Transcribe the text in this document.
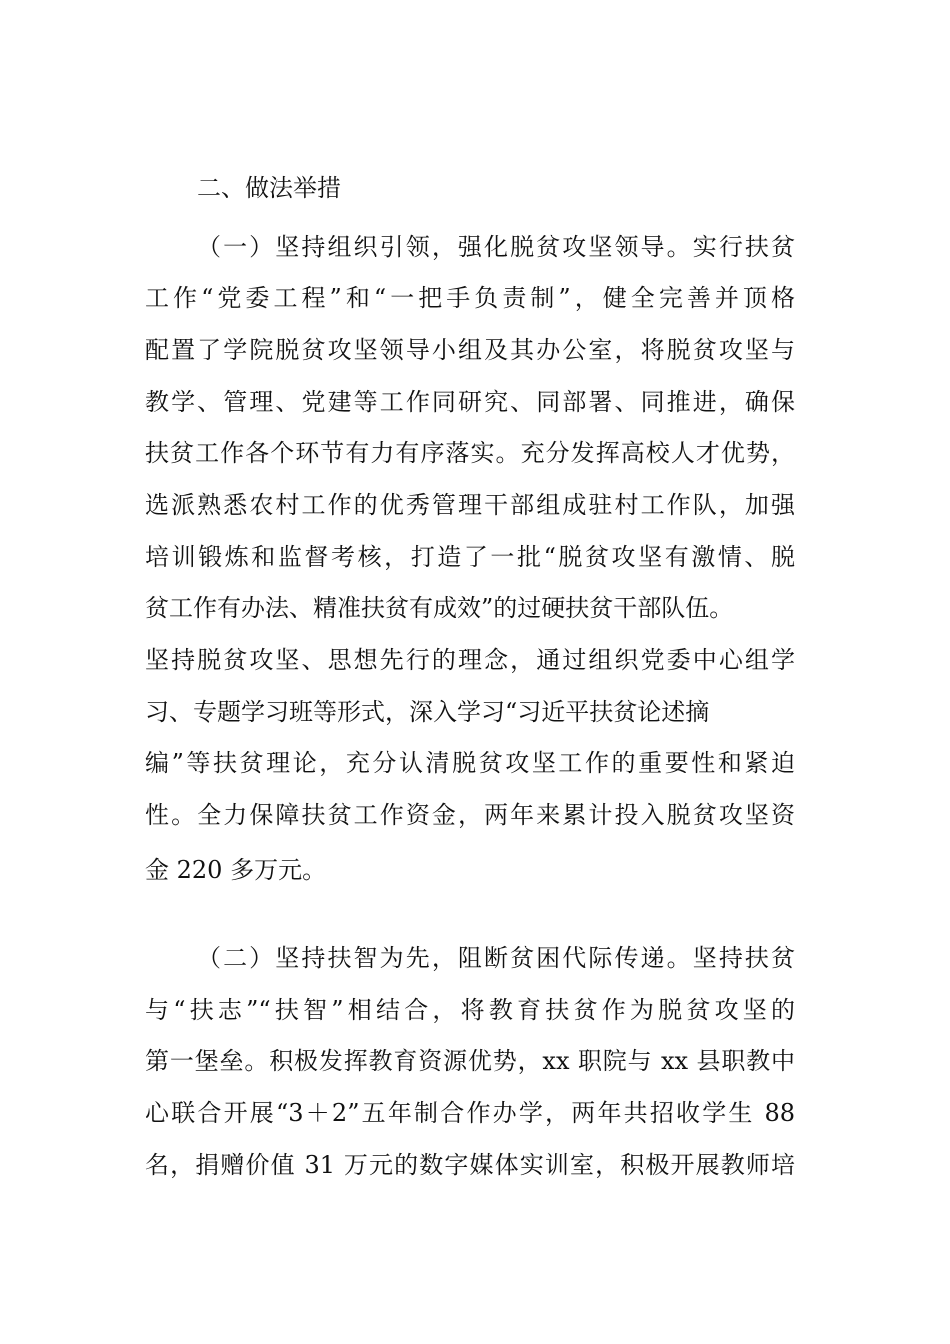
二、做法举措
（一）坚持组织引领，强化脱贫攻坚领导。实行扶贫
工作“党委工程”和“一把手负责制”，健全完善并顶格
配置了学院脱贫攻坚领导小组及其办公室，将脱贫攻坚与
教学、管理、党建等工作同研究、同部署、同推进，确保
扶贫工作各个环节有力有序落实。充分发挥高校人才优势，
选派熟悉农村工作的优秀管理干部组成驻村工作队，加强
培训锻炼和监督考核，打造了一批“脱贫攻坚有激情、脱
贫工作有办法、精准扶贫有成效”的过硬扶贫干部队伍。
坚持脱贫攻坚、思想先行的理念，通过组织党委中心组学
习、专题学习班等形式，深入学习“习近平扶贫论述摘
编”等扶贫理论，充分认清脱贫攻坚工作的重要性和紧迫
性。全力保障扶贫工作资金，两年来累计投入脱贫攻坚资
金 220 多万元。
（二）坚持扶智为先，阻断贫困代际传递。坚持扶贫
与“扶志”“扶智”相结合，将教育扶贫作为脱贫攻坚的
第一堡垒。积极发挥教育资源优势，xx 职院与 xx 县职教中
心联合开展“3＋2”五年制合作办学，两年共招收学生 88
名，捐赠价值 31 万元的数字媒体实训室，积极开展教师培
